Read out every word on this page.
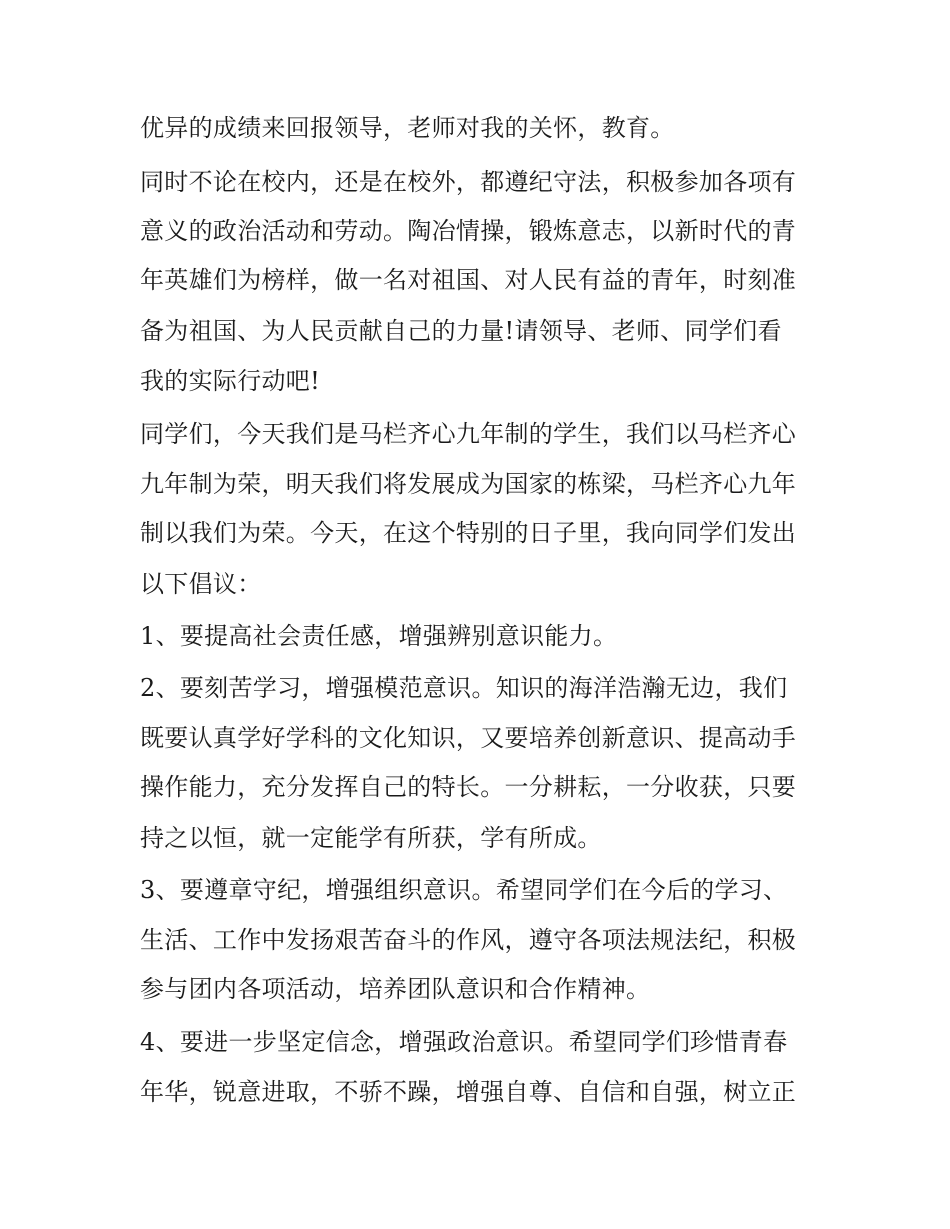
优异的成绩来回报领导，老师对我的关怀，教育。
同时不论在校内，还是在校外，都遵纪守法，积极参加各项有
意义的政治活动和劳动。陶冶情操，锻炼意志，以新时代的青
年英雄们为榜样，做一名对祖国、对人民有益的青年，时刻准
备为祖国、为人民贡献自己的力量!请领导、老师、同学们看
我的实际行动吧!
同学们，今天我们是马栏齐心九年制的学生，我们以马栏齐心
九年制为荣，明天我们将发展成为国家的栋梁，马栏齐心九年
制以我们为荣。今天，在这个特别的日子里，我向同学们发出
以下倡议：
1、要提高社会责任感，增强辨别意识能力。
2、要刻苦学习，增强模范意识。知识的海洋浩瀚无边，我们
既要认真学好学科的文化知识，又要培养创新意识、提高动手
操作能力，充分发挥自己的特长。一分耕耘，一分收获，只要
持之以恒，就一定能学有所获，学有所成。
3、要遵章守纪，增强组织意识。希望同学们在今后的学习、
生活、工作中发扬艰苦奋斗的作风，遵守各项法规法纪，积极
参与团内各项活动，培养团队意识和合作精神。
4、要进一步坚定信念，增强政治意识。希望同学们珍惜青春
年华，锐意进取，不骄不躁，增强自尊、自信和自强，树立正
